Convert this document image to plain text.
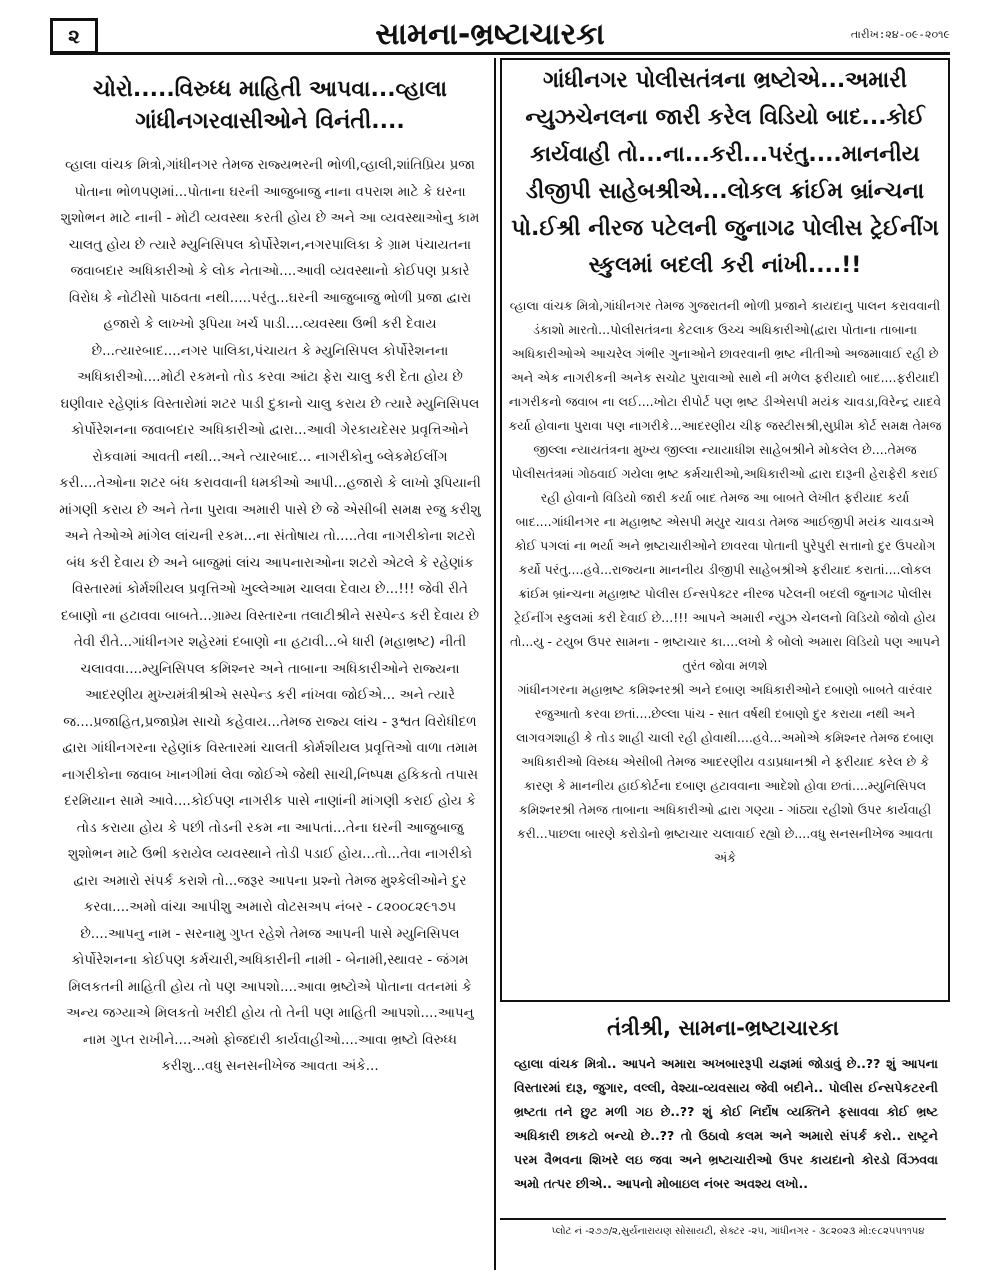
૨	સામના-ભ્રષ્ટાચારકા	તારીખ:૨૪-૦૯-૨૦૧૯
ચોરો.....વિરુધ્ધ માહિતી આપવા...વ્હાલા ગાંધીનગરવાસીઓને વિનંતી....
વ્હાલા વાંચક મિત્રો,ગાંધીનગર તેમજ રાજ્યભરની ભોળી,વ્હાલી,શાંતિપ્રિય પ્રજા પોતાના ભોળપણમાં...પોતાના ઘરની આજુબાજુ નાના વપરાશ માટે કે ઘરના શુશોભન માટે નાની - મોટી વ્યવસ્થા કરતી હોય છે અને આ વ્યવસ્થાઓનુ કામ ચાલતુ હોય છે ત્યારે મ્યુનિસિપલ કોર્પોરેશન,નગરપાલિકા કે ગ્રામ પંચાયતના જવાબદાર અધિકારીઓ કે લોક નેતાઓ....આવી વ્યવસ્થાનો કોઈપણ પ્રકારે વિરોધ કે નોટીસો પાઠવતા નથી.....પરંતુ...ઘરની આજુબાજુ ભોળી પ્રજા દ્વારા હજારો કે લાખ્ખો રૂપિયા ખર્ચ પાડી....વ્યવસ્થા ઉભી કરી દેવાય છે...ત્યારબાદ....નગર પાલિકા,પંચાયત કે મ્યુનિસિપલ કોર્પોરેશનના અધિકારીઓ....મોટી રકમનો તોડ કરવા આંટા ફેરા ચાલુ કરી દેતા હોય છે ઘણીવાર રહેણાંક વિસ્તારોમાં શટર પાડી દુકાનો ચાલુ કરાય છે ત્યારે મ્યુનિસિપલ કોર્પોરેશનના જવાબદાર અધિકારીઓ દ્વારા...આવી ગેરકાયદેસર પ્રવૃત્તિઓને રોકવામાં આવતી નથી...અને ત્યારબાદ... નાગરીકોનુ બ્લેકમેઈલીંગ કરી....તેઓના શટર બંધ કરાવવાની ધમકીઓ આપી...હજારો કે લાખો રૂપિયાની માંગણી કરાય છે અને તેના પુરાવા અમારી પાસે છે જે એસીબી સમક્ષ રજુ કરીશુ અને તેઓએ માંગેલ લાંચની રકમ...ના સંતોષાય તો.....તેવા નાગરીકોના શટરો બંધ કરી દેવાય છે અને બાજુમાં લાંચ આપનારાઓના શટરો એટલે કે રહેણાંક વિસ્તારમાં કોર્મશીયલ પ્રવૃત્તિઓ ખુલ્લેઆમ ચાલવા દેવાય છે...!!! જેવી રીતે દબાણો ના હટાવવા બાબતે...ગ્રામ્ય વિસ્તારના તલાટીશ્રીને સસ્પેન્ડ કરી દેવાય છે તેવી રીતે...ગાંધીનગર શહેરમાં દબાણો ના હટાવી...બે ધારી (મહાભ્રષ્ટ) નીતી ચલાવવા....મ્યુનિસિપલ કમિશ્નર અને તાબાના અધિકારીઓને રાજ્યના આદરણીય મુખ્યમંત્રીશ્રીએ સસ્પેન્ડ કરી નાંખવા જોઈએ... અને ત્યારે જ....પ્રજાહિત,પ્રજાપ્રેમ સાચો કહેવાય...તેમજ રાજ્ય લાંચ - રૂશ્વત વિરોધીદળ દ્વારા ગાંધીનગરના રહેણાંક વિસ્તારમાં ચાલતી કોર્મશીયલ પ્રવૃત્તિઓ વાળા તમામ નાગરીકોના જવાબ ખાનગીમાં લેવા જોઈએ જેથી સાચી,નિષ્પક્ષ હકિકતો તપાસ દરમિયાન સામે આવે....કોઈપણ નાગરીક પાસે નાણાંની માંગણી કરાઈ હોય કે તોડ કરાયા હોય કે પછી તોડની રકમ ના આપતાં...તેના ઘરની આજુબાજુ શુશોભન માટે ઉભી કરાયેલ વ્યવસ્થાને તોડી પડાઈ હોય...તો...તેવા નાગરીકો દ્વારા અમારો સંપર્ક કરાશે તો...જરૂર આપના પ્રશ્નો તેમજ મુશ્કેલીઓને દુર કરવા....અમો વાંચા આપીશુ અમારો વોટસઅપ નંબર - ૮૨૦૦૮૨૯૧૭૫ છે....આપનુ નામ - સરનામુ ગુપ્ત રહેશે તેમજ આપની પાસે મ્યુનિસિપલ કોર્પોરેશનના કોઈપણ કર્મચારી,અધિકારીની નામી - બેનામી,સ્થાવર - જંગમ મિલકતની માહિતી હોય તો પણ આપશો....આવા ભ્રષ્ટોએ પોતાના વતનમાં કે અન્ય જગ્યાએ મિલકતો ખરીદી હોય તો તેની પણ માહિતી આપશો....આપનુ નામ ગુપ્ત રાખીને....અમો ફોજદારી કાર્યવાહીઓ....આવા ભ્રષ્ટો વિરુધ્ધ કરીશુ...વધુ સનસનીખેજ આવતા અંકે...
ગાંધીનગર પોલીસતંત્રના ભ્રષ્ટોએ...અમારી ન્યુઝચેનલના જારી કરેલ વિડિયો બાદ...કોઈ કાર્યવાહી તો...ના...કરી...પરંતુ....માનનીય ડીજીપી સાહેબશ્રીએ...લોકલ ક્રાંઈમ બ્રાંન્ચના પો.ઈશ્રી નીરજ પટેલની જુનાગઢ પોલીસ ટ્રેઈનીંગ સ્કુલમાં બદલી કરી નાંખી....!!

વ્હાલા વાંચક મિત્રો,ગાંધીનગર તેમજ ગુજરાતની ભોળી પ્રજાને કાયદાનુ પાલન કરાવવાની ડંકાશો મારતો...પોલીસતંત્રના કેટલાક ઉચ્ચ અધિકારીઓ(દ્વારા પોતાના તાબાના અધિકારીઓએ આચરેલ ગંભીર ગુનાઓને છાવરવાની ભ્રષ્ટ નીતીઓ અજમાવાઈ રહી છે અને એક નાગરીકની અનેક સચોટ પુરાવાઓ સાથે ની મળેલ ફરીયાદો બાદ....ફરીયાદી નાગરીકનો જવાબ ના લઈ....ખોટા રીપોર્ટ પણ ભ્રષ્ટ ડીએસપી મયંક ચાવડા,વિરેન્દ્ર યાદવે કર્યા હોવાના પુરાવા પણ નાગરીકે...આદરણીય ચીફ જસ્ટીસશ્રી,સુપ્રીમ કોર્ટ સમક્ષ તેમજ જીલ્લા ન્યાયતંત્રના મુખ્ય જીલ્લા ન્યાયાધીશ સાહેબશ્રીને મોકલેલ છે....તેમજ પોલીસતંત્રમાં ગોઠવાઈ ગયેલા ભ્રષ્ટ કર્મચારીઓ,અધિકારીઓ દ્વારા દારૂની હેરાફેરી કરાઈ રહી હોવાનો વિડિયો જારી કર્યા બાદ તેમજ આ બાબતે લેખીત ફરીયાદ કર્યા બાદ....ગાંધીનગર ના મહાભ્રષ્ટ એસપી મયુર ચાવડા તેમજ આઈજીપી મયંક ચાવડાએ કોઈ પગલાં ના ભર્યા અને ભ્રષ્ટાચારીઓને છાવરવા પોતાની પુરેપુરી સત્તાનો દુર ઉપયોગ કર્યો પરંતુ....હવે...રાજ્યના માનનીય ડીજીપી સાહેબશ્રીએ ફરીયાદ કરાતાં....લોકલ ક્રાંઈમ બ્રાંન્ચના મહાભ્રષ્ટ પોલીસ ઈન્સપેક્ટર નીરજ પટેલની બદલી જુનાગઢ પોલીસ ટ્રેઈનીંગ સ્કુલમાં કરી દેવાઈ છે...!!! આપને અમારી ન્યુઝ ચેનલનો વિડિયો જોવો હોય તો...યુ - ટયુબ ઉપર સામના - ભ્રષ્ટાચાર કા....લખો કે બોલો અમારા વિડિયો પણ આપને તુરંત જોવા મળશે

ગાંધીનગરના મહાભ્રષ્ટ કમિશ્નરશ્રી અને દબાણ અધિકારીઓને દબાણો બાબતે વારંવાર રજુઆતો કરવા છતાં....છેલ્લા પાંચ - સાત વર્ષથી દબાણો દુર કરાયા નથી અને લાગવગશાહી કે તોડ શાહી ચાલી રહી હોવાથી....હવે...અમોએ કમિશ્નર તેમજ દબાણ અધિકારીઓ વિરુધ્ધ એસીબી તેમજ આદરણીય વડાપ્રધાનશ્રી ને ફરીયાદ કરેલ છે કે કારણ કે માનનીય હાઈકોર્ટના દબાણ હટાવવાના આદેશો હોવા છતાં....મ્યુનિસિપલ કમિશ્નરશ્રી તેમજ તાબાના અધિકારીઓ દ્વારા ગણ્યા - ગાંઠ્યા રહીશો ઉપર કાર્યવાહી કરી...પાછલા બારણે કરોડોનો ભ્રષ્ટાચાર ચલાવાઈ રહ્યો છે....વધુ સનસનીખેજ આવતા અંકે

તંત્રીશ્રી, સામના-ભ્રષ્ટાચારકા
વ્હાલા વાંચક મિત્રો.. આપને અમારા અખબારરૂપી યજ્ઞમાં જોડાવું છે..?? શું આપના વિસ્તારમાં દારૂ, જુગાર, વલ્લી, વેશ્યા-વ્યવસાય જેવી બદીને.. પોલીસ ઈન્સપેકટરની ભ્રષ્ટતા તને છુટ મળી ગઇ છે..?? શું કોઈ નિર્દોષ વ્યક્તિને ફસાવવા કોઈ ભ્રષ્ટ અધિકારી છાકટો બન્યો છે..?? તો ઉઠાવો કલમ અને અમારો સંપર્ક કરો.. રાષ્ટ્રને પરમ વૈભવના શિખરે લઇ જવા અને ભ્રષ્ટાચારીઓ ઉપર કાયદાનો કોરડો વિંઝવવા અમો તત્પર છીએ.. આપનો મોબાઇલ નંબર અવશ્ય લખો..
પ્લોટ નં -૨૭૭/૨,સુર્યનારાયણ સોસાયટી, સેક્ટર -૨૫, ગાંધીનગર - ૩૮૨૦૨૩ મો:૯૮૨૫૫૧૧૫૪
